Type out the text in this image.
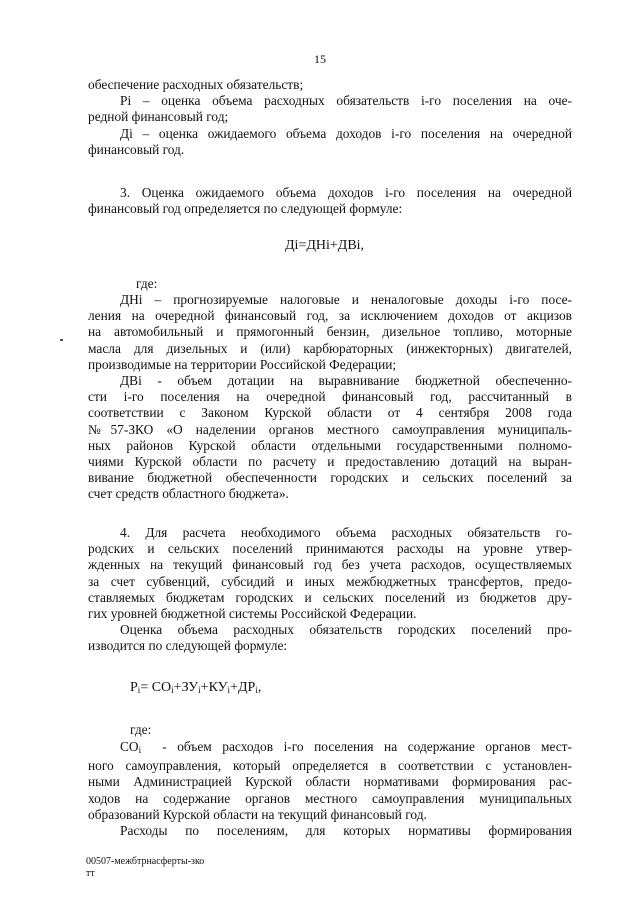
15
обеспечение расходных обязательств;
Pi – оценка объема расходных обязательств i-го поселения на оче-
редной финансовый год;
Дi – оценка ожидаемого объема доходов i-го поселения на очередной
финансовый год.
3. Оценка ожидаемого объема доходов i-го поселения на очередной
финансовый год определяется по следующей формуле:
Дi=ДНi+ДВi,
где:
ДНi – прогнозируемые налоговые и неналоговые доходы i-го посе-
ления на очередной финансовый год, за исключением доходов от акцизов
на автомобильный и прямогонный бензин, дизельное топливо, моторные
масла для дизельных и (или) карбюраторных (инжекторных) двигателей,
производимые на территории Российской Федерации;
ДВi - объем дотации на выравнивание бюджетной обеспеченно-
сти i-го поселения на очередной финансовый год, рассчитанный в
соответствии с Законом Курской области от 4 сентября 2008 года
№57-ЗКО «О наделении органов местного самоуправления муниципаль-
ных районов Курской области отдельными государственными полномо-
чиями Курской области по расчету и предоставлению дотаций на выран-
вивание бюджетной обеспеченности городских и сельских поселений за
счет средств областного бюджета».
4. Для расчета необходимого объема расходных обязательств го-
родских и сельских поселений принимаются расходы на уровне утвер-
жденных на текущий финансовый год без учета расходов, осуществляемых
за счет субвенций, субсидий и иных межбюджетных трансфертов, предо-
ставляемых бюджетам городских и сельских поселений из бюджетов дру-
гих уровней бюджетной системы Российской Федерации.
Оценка объема расходных обязательств городских поселений про-
изводится по следующей формуле:
$P_i= СО_i+ЗУ_i+КУ_i+ДР_i$,
где:
$СО_i$ - объем расходов i-го поселения на содержание органов мест-
ного самоуправления, который определяется в соответствии с установлен-
ными Администрацией Курской области нормативами формирования рас-
ходов на содержание органов местного самоуправления муниципальных
образований Курской области на текущий финансовый год.
Расходы по поселениям, для которых нормативы формирования
00507-межбтрнасферты-зко
тт
